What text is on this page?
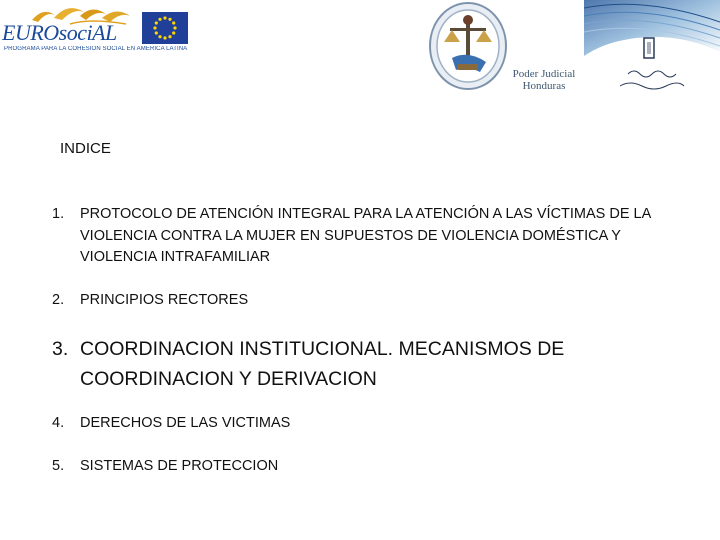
EUROsociAL
PROGRAMA PARA LA COHESIÓN SOCIAL EN AMÉRICA LATINA
Poder Judicial
Honduras
INDICE
1. PROTOCOLO DE ATENCIÓN INTEGRAL PARA LA ATENCIÓN A LAS VÍCTIMAS DE LA VIOLENCIA CONTRA LA MUJER EN SUPUESTOS DE VIOLENCIA DOMÉSTICA Y VIOLENCIA INTRAFAMILIAR
2. PRINCIPIOS RECTORES
3. COORDINACION INSTITUCIONAL. MECANISMOS DE COORDINACION Y DERIVACION
4. DERECHOS DE LAS VICTIMAS
5. SISTEMAS DE PROTECCION
